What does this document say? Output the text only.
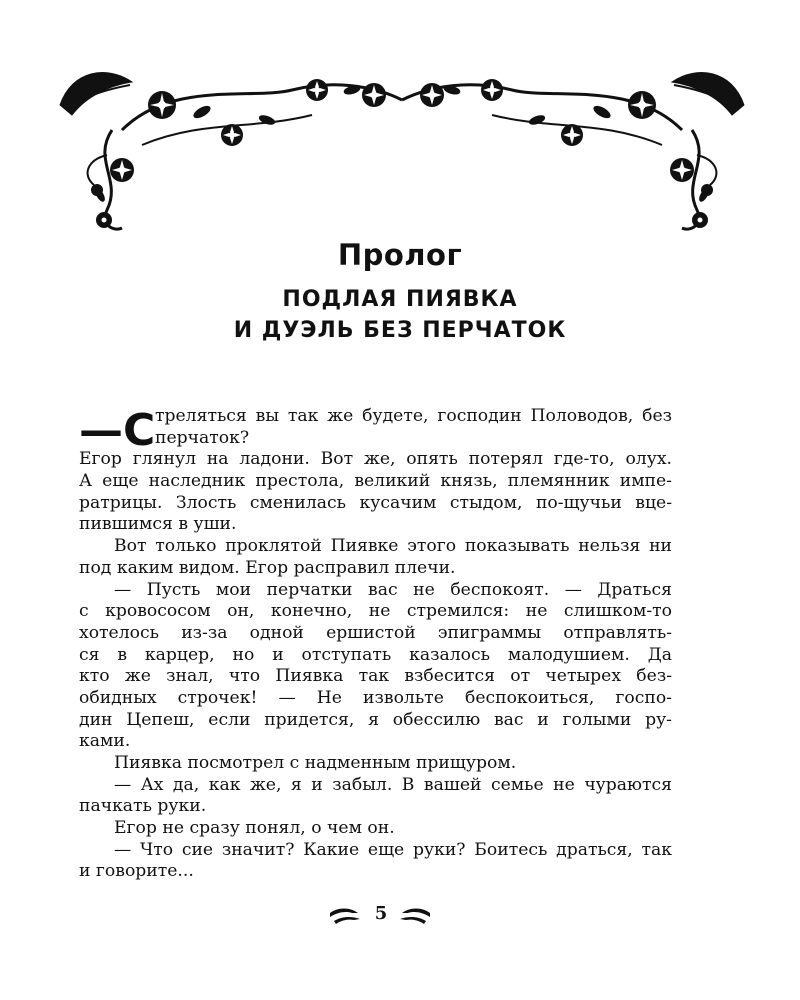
Пролог
ПОДЛАЯ ПИЯВКА
И ДУЭЛЬ БЕЗ ПЕРЧАТОК
—С треляться вы так же будете, господин Половодов, без
перчаток?
Егор глянул на ладони. Вот же, опять потерял где-то, олух.
А еще наследник престола, великий князь, племянник импе-
ратрицы. Злость сменилась кусачим стыдом, по-щучьи вце-
пившимся в уши.
Вот только проклятой Пиявке этого показывать нельзя ни
под каким видом. Егор расправил плечи.
— Пусть мои перчатки вас не беспокоят. — Драться
с кровососом он, конечно, не стремился: не слишком-то
хотелось из-за одной ершистой эпиграммы отправлять-
ся в карцер, но и отступать казалось малодушием. Да
кто же знал, что Пиявка так взбесится от четырех без-
обидных строчек! — Не извольте беспокоиться, госпо-
дин Цепеш, если придется, я обессилю вас и голыми ру-
ками.
Пиявка посмотрел с надменным прищуром.
— Ах да, как же, я и забыл. В вашей семье не чураются
пачкать руки.
Егор не сразу понял, о чем он.
— Что сие значит? Какие еще руки? Боитесь драться, так
и говорите...
5
